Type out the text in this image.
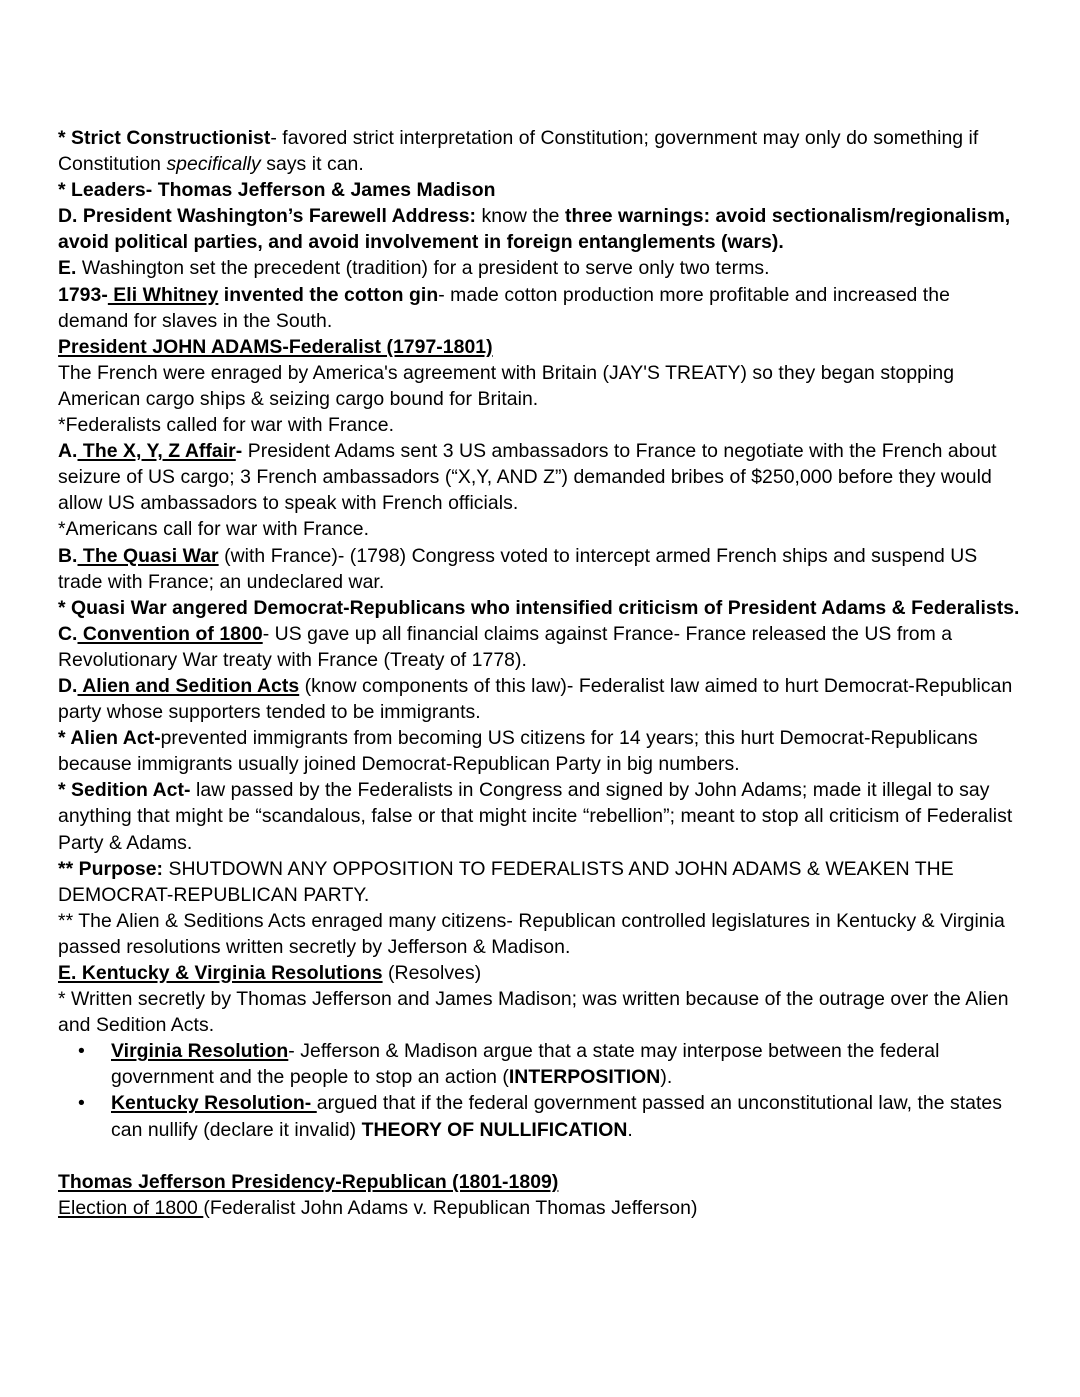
* Strict Constructionist- favored strict interpretation of Constitution; government may only do something if Constitution specifically says it can.

* Leaders- Thomas Jefferson & James Madison

D. President Washington’s Farewell Address: know the three warnings: avoid sectionalism/regionalism, avoid political parties, and avoid involvement in foreign entanglements (wars).

E. Washington set the precedent (tradition) for a president to serve only two terms.

1793- Eli Whitney invented the cotton gin- made cotton production more profitable and increased the demand for slaves in the South.

President JOHN ADAMS-Federalist (1797-1801)

The French were enraged by America's agreement with Britain (JAY'S TREATY) so they began stopping American cargo ships & seizing cargo bound for Britain.

*Federalists called for war with France.

A. The X, Y, Z Affair- President Adams sent 3 US ambassadors to France to negotiate with the French about seizure of US cargo; 3 French ambassadors (“X,Y, AND Z”) demanded bribes of $250,000 before they would allow US ambassadors to speak with French officials.

*Americans call for war with France.

B. The Quasi War (with France)- (1798) Congress voted to intercept armed French ships and suspend US trade with France; an undeclared war.

* Quasi War angered Democrat-Republicans who intensified criticism of President Adams & Federalists.

C. Convention of 1800- US gave up all financial claims against France- France released the US from a Revolutionary War treaty with France (Treaty of 1778).

D. Alien and Sedition Acts (know components of this law)- Federalist law aimed to hurt Democrat-Republican party whose supporters tended to be immigrants.

* Alien Act-prevented immigrants from becoming US citizens for 14 years; this hurt Democrat-Republicans because immigrants usually joined Democrat-Republican Party in big numbers.

* Sedition Act- law passed by the Federalists in Congress and signed by John Adams; made it illegal to say anything that might be “scandalous, false or that might incite “rebellion”; meant to stop all criticism of Federalist Party & Adams.

** Purpose: SHUTDOWN ANY OPPOSITION TO FEDERALISTS AND JOHN ADAMS & WEAKEN THE DEMOCRAT-REPUBLICAN PARTY.

** The Alien & Seditions Acts enraged many citizens- Republican controlled legislatures in Kentucky & Virginia passed resolutions written secretly by Jefferson & Madison.

E. Kentucky & Virginia Resolutions (Resolves)

* Written secretly by Thomas Jefferson and James Madison; was written because of the outrage over the Alien and Sedition Acts.

• Virginia Resolution- Jefferson & Madison argue that a state may interpose between the federal government and the people to stop an action (INTERPOSITION).
• Kentucky Resolution- argued that if the federal government passed an unconstitutional law, the states can nullify (declare it invalid) THEORY OF NULLIFICATION.

Thomas Jefferson Presidency-Republican (1801-1809)

Election of 1800 (Federalist John Adams v. Republican Thomas Jefferson)
